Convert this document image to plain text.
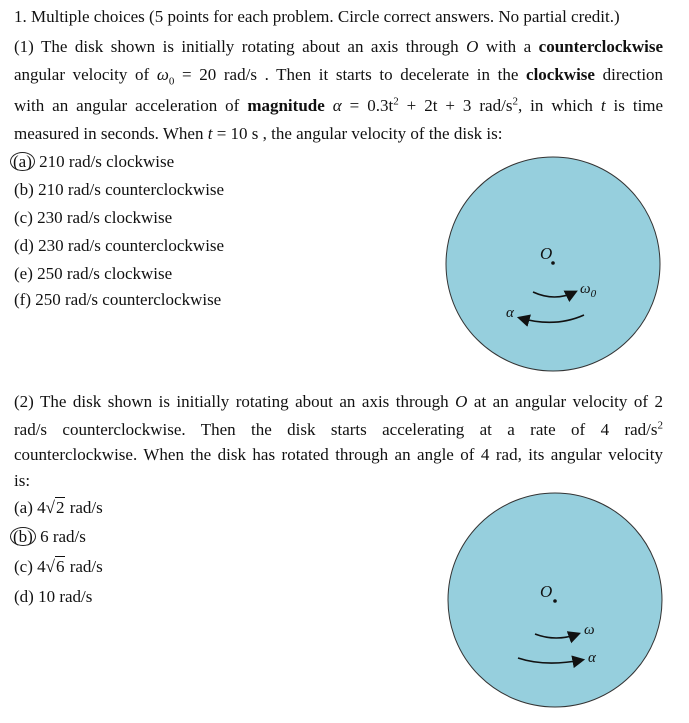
O
$\omega_0$
α
O
ω
α
1. Multiple choices (5 points for each problem. Circle correct answers. No partial credit.)
(1) The disk shown is initially rotating about an axis through O with a counterclockwise
angular velocity of $\omega_0 = 20$ rad/s . Then it starts to decelerate in the clockwise direction
with an angular acceleration of magnitude $\alpha = 0.3t^2 + 2t + 3$ rad/$s^2$, in which t is time
measured in seconds. When t = 10 s , the angular velocity of the disk is:
(a) 210 rad/s clockwise
(b) 210 rad/s counterclockwise
(c) 230 rad/s clockwise
(d) 230 rad/s counterclockwise
(e) 250 rad/s clockwise
(f) 250 rad/s counterclockwise
(2) The disk shown is initially rotating about an axis through O at an angular velocity of 2
rad/s counterclockwise. Then the disk starts accelerating at a rate of 4 rad/$s^2$
counterclockwise. When the disk has rotated through an angle of 4 rad, its angular velocity
is:
(a) 4√2 rad/s
(b) 6 rad/s
(c) 4√6 rad/s
(d) 10 rad/s
